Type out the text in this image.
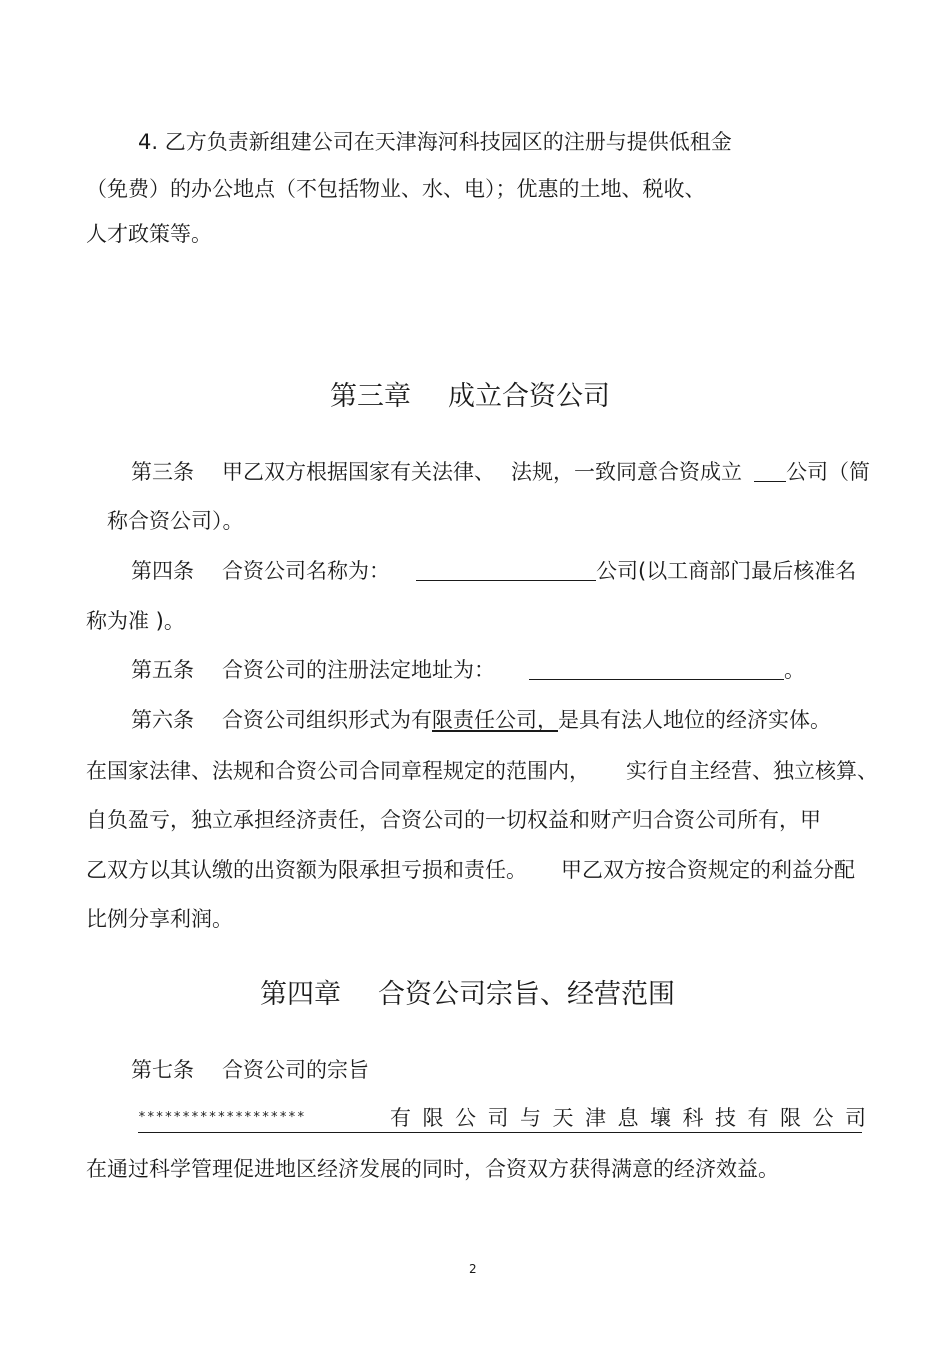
4. 乙方负责新组建公司在天津海河科技园区的注册与提供低租金
（免费）的办公地点（不包括物业、水、电）；优惠的土地、税收、
人才政策等。
第三章 成立合资公司
第三条 甲乙双方根据国家有关法律、 法规，一致同意合资成立 公司（简
称合资公司）。
第四条 合资公司名称为：	公司(以工商部门最后核准名
称为准 )。
第五条 合资公司的注册法定地址为：	。
第六条 合资公司组织形式为有限责任公司，是具有法人地位的经济实体。
在国家法律、法规和合资公司合同章程规定的范围内， 实行自主经营、独立核算、
自负盈亏，独立承担经济责任，合资公司的一切权益和财产归合资公司所有，甲
乙双方以其认缴的出资额为限承担亏损和责任。 甲乙双方按合资规定的利益分配
比例分享利润。
第四章 合资公司宗旨、经营范围
第七条 合资公司的宗旨
*******************	有限公司与天津息壤科技有限公司
在通过科学管理促进地区经济发展的同时，合资双方获得满意的经济效益。
2
